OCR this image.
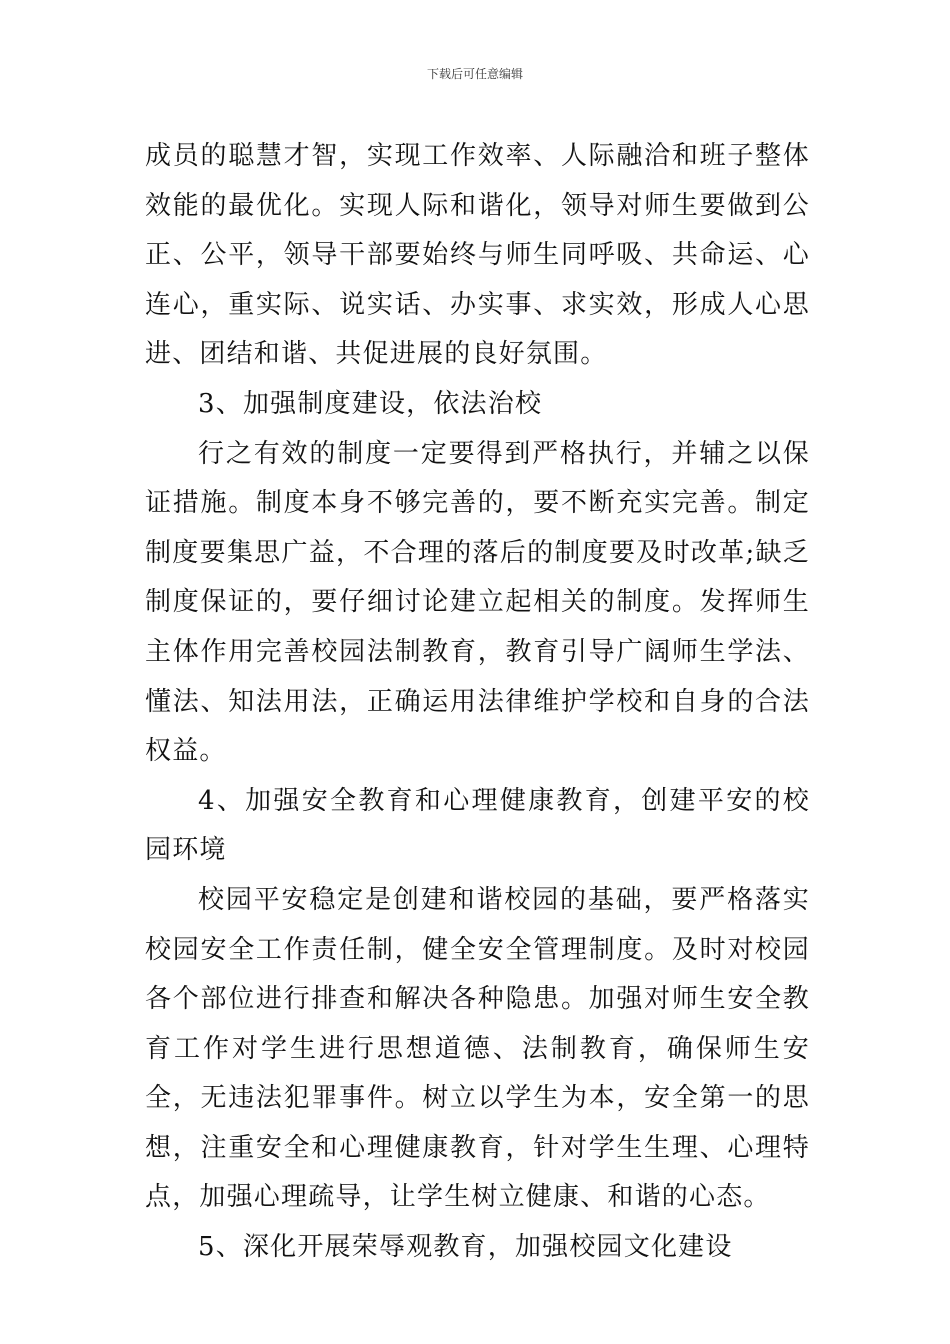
下载后可任意编辑

成员的聪慧才智，实现工作效率、人际融洽和班子整体效能的最优化。实现人际和谐化，领导对师生要做到公正、公平，领导干部要始终与师生同呼吸、共命运、心连心，重实际、说实话、办实事、求实效，形成人心思进、团结和谐、共促进展的良好氛围。

3、加强制度建设，依法治校

行之有效的制度一定要得到严格执行，并辅之以保证措施。制度本身不够完善的，要不断充实完善。制定制度要集思广益，不合理的落后的制度要及时改革;缺乏制度保证的，要仔细讨论建立起相关的制度。发挥师生主体作用完善校园法制教育，教育引导广阔师生学法、懂法、知法用法，正确运用法律维护学校和自身的合法权益。

4、加强安全教育和心理健康教育，创建平安的校园环境

校园平安稳定是创建和谐校园的基础，要严格落实校园安全工作责任制，健全安全管理制度。及时对校园各个部位进行排查和解决各种隐患。加强对师生安全教育工作对学生进行思想道德、法制教育，确保师生安全，无违法犯罪事件。树立以学生为本，安全第一的思想，注重安全和心理健康教育，针对学生生理、心理特点，加强心理疏导，让学生树立健康、和谐的心态。

5、深化开展荣辱观教育，加强校园文化建设
